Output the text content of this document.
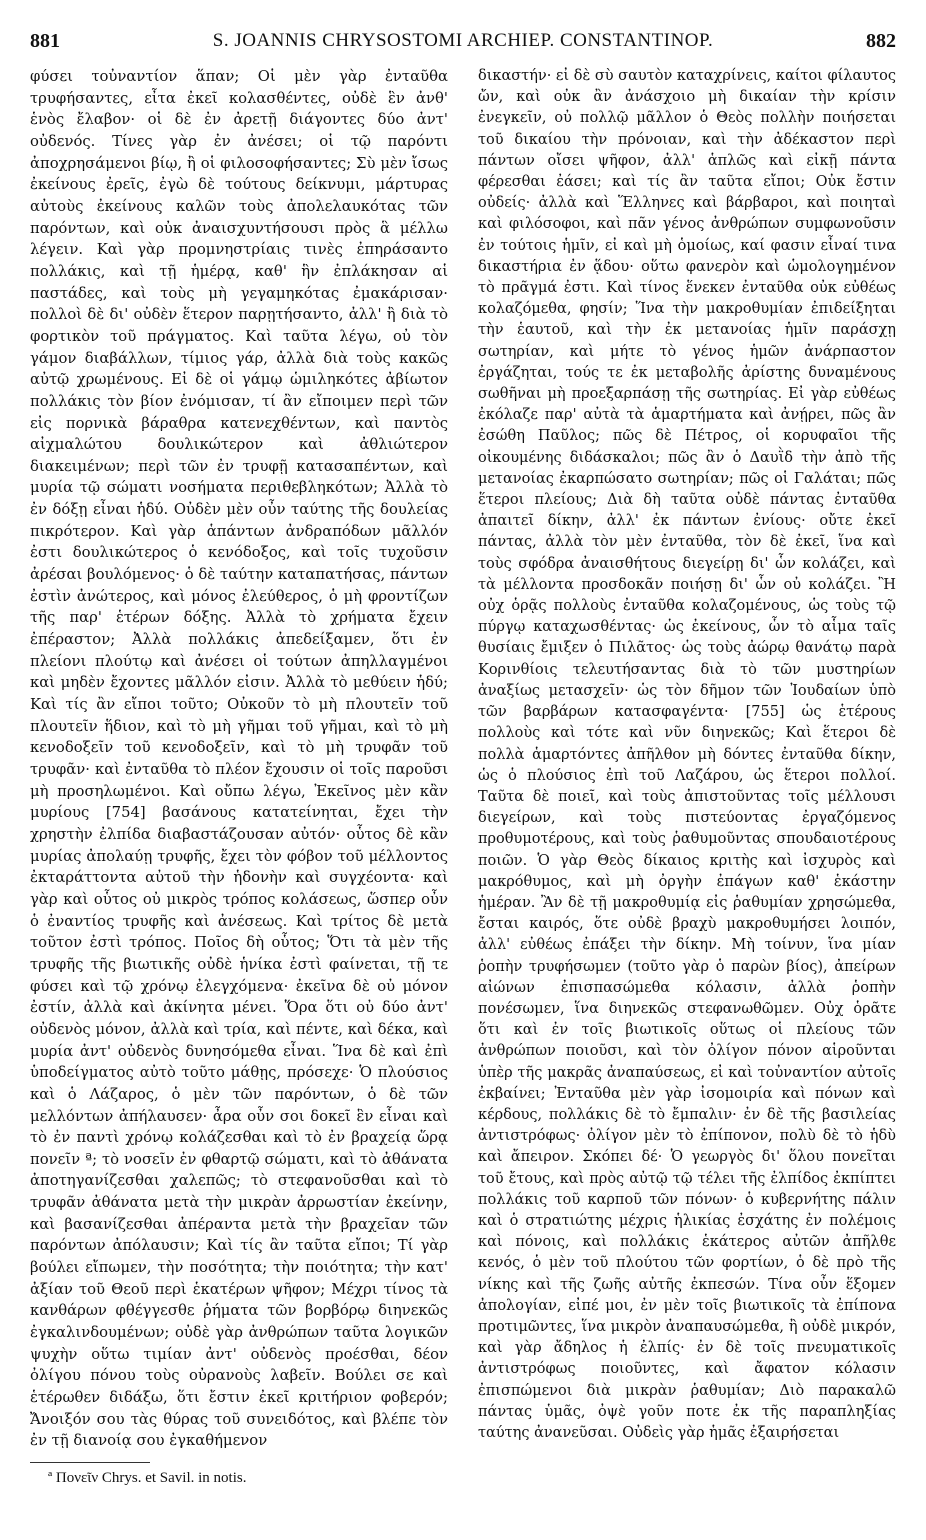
881	S. JOANNIS CHRYSOSTOMI ARCHIEP. CONSTANTINOP.	882

φύσει τοὐναντίον ἅπαν; Οἱ μὲν γὰρ ἐνταῦθα τρυφήσαντες, εἶτα ἐκεῖ κολασθέντες, οὐδὲ ἓν ἀνθ' ἑνὸς ἔλαβον· οἱ δὲ ἐν ἀρετῇ διάγοντες δύο ἀντ' οὐδενός. Τίνες γὰρ ἐν ἀνέσει; οἱ τῷ παρόντι ἀποχρησάμενοι βίῳ, ἢ οἱ φιλοσοφήσαντες; Σὺ μὲν ἴσως ἐκείνους ἐρεῖς, ἐγὼ δὲ τούτους δείκνυμι, μάρτυρας αὐτοὺς ἐκείνους καλῶν τοὺς ἀπολελαυκότας τῶν παρόντων, καὶ οὐκ ἀναισχυντήσουσι πρὸς ἃ μέλλω λέγειν. Καὶ γὰρ προμνηστρίαις τινὲς ἐπηράσαντο πολλάκις, καὶ τῇ ἡμέρᾳ, καθ' ἣν ἐπλάκησαν αἱ παστάδες, καὶ τοὺς μὴ γεγαμηκότας ἐμακάρισαν· πολλοὶ δὲ δι' οὐδὲν ἕτερον παρῃτήσαντο, ἀλλ' ἢ διὰ τὸ φορτικὸν τοῦ πράγματος. Καὶ ταῦτα λέγω, οὐ τὸν γάμον διαβάλλων, τίμιος γάρ, ἀλλὰ διὰ τοὺς κακῶς αὐτῷ χρωμένους. Εἰ δὲ οἱ γάμῳ ὡμιληκότες ἀβίωτον πολλάκις τὸν βίον ἐνόμισαν, τί ἂν εἴποιμεν περὶ τῶν εἰς πορνικὰ βάραθρα κατενεχθέντων, καὶ παντὸς αἰχμαλώτου δουλικώτερον καὶ ἀθλιώτερον διακειμένων; περὶ τῶν ἐν τρυφῇ κατασαπέντων, καὶ μυρία τῷ σώματι νοσήματα περιθεβληκότων; Ἀλλὰ τὸ ἐν δόξῃ εἶναι ἡδύ. Οὐδὲν μὲν οὖν ταύτης τῆς δουλείας πικρότερον. Καὶ γὰρ ἁπάντων ἀνδραπόδων μᾶλλόν ἐστι δουλικώτερος ὁ κενόδοξος, καὶ τοῖς τυχοῦσιν ἀρέσαι βουλόμενος· ὁ δὲ ταύτην καταπατήσας, πάντων ἐστὶν ἀνώτερος, καὶ μόνος ἐλεύθερος, ὁ μὴ φροντίζων τῆς παρ' ἑτέρων δόξης. Ἀλλὰ τὸ χρήματα ἔχειν ἐπέραστον; Ἀλλὰ πολλάκις ἀπεδείξαμεν, ὅτι ἐν πλείονι πλούτῳ καὶ ἀνέσει οἱ τούτων ἀπηλλαγμένοι καὶ μηδὲν ἔχοντες μᾶλλόν εἰσιν. Ἀλλὰ τὸ μεθύειν ἡδύ; Καὶ τίς ἂν εἴποι τοῦτο; Οὐκοῦν τὸ μὴ πλουτεῖν τοῦ πλουτεῖν ἥδιον, καὶ τὸ μὴ γῆμαι τοῦ γῆμαι, καὶ τὸ μὴ κενοδοξεῖν τοῦ κενοδοξεῖν, καὶ τὸ μὴ τρυφᾶν τοῦ τρυφᾶν· καὶ ἐνταῦθα τὸ πλέον ἔχουσιν οἱ τοῖς παροῦσι μὴ προσηλωμένοι. Καὶ οὔπω λέγω, Ἐκεῖνος μὲν κἂν μυρίους [754] βασάνους κατατείνηται, ἔχει τὴν χρηστὴν ἐλπίδα διαβαστάζουσαν αὐτόν· οὗτος δὲ κἂν μυρίας ἀπολαύῃ τρυφῆς, ἔχει τὸν φόβον τοῦ μέλλοντος ἐκταράττοντα αὐτοῦ τὴν ἡδονὴν καὶ συγχέοντα· καὶ γὰρ καὶ οὗτος οὐ μικρὸς τρόπος κολάσεως, ὥσπερ οὖν ὁ ἐναντίος τρυφῆς καὶ ἀνέσεως. Καὶ τρίτος δὲ μετὰ τοῦτον ἐστὶ τρόπος. Ποῖος δὴ οὗτος; Ὅτι τὰ μὲν τῆς τρυφῆς τῆς βιωτικῆς οὐδὲ ἡνίκα ἐστὶ φαίνεται, τῇ τε φύσει καὶ τῷ χρόνῳ ἐλεγχόμενα· ἐκεῖνα δὲ οὐ μόνον ἐστίν, ἀλλὰ καὶ ἀκίνητα μένει. Ὅρα ὅτι οὐ δύο ἀντ' οὐδενὸς μόνον, ἀλλὰ καὶ τρία, καὶ πέντε, καὶ δέκα, καὶ μυρία ἀντ' οὐδενὸς δυνησόμεθα εἶναι. Ἵνα δὲ καὶ ἐπὶ ὑποδείγματος αὐτὸ τοῦτο μάθῃς, πρόσεχε· Ὁ πλούσιος καὶ ὁ Λάζαρος, ὁ μὲν τῶν παρόντων, ὁ δὲ τῶν μελλόντων ἀπήλαυσεν· ἆρα οὖν σοι δοκεῖ ἓν εἶναι καὶ τὸ ἐν παντὶ χρόνῳ κολάζεσθαι καὶ τὸ ἐν βραχείᾳ ὥρᾳ πονεῖν ª; τὸ νοσεῖν ἐν φθαρτῷ σώματι, καὶ τὸ ἀθάνατα ἀποτηγανίζεσθαι χαλεπῶς; τὸ στεφανοῦσθαι καὶ τὸ τρυφᾶν ἀθάνατα μετὰ τὴν μικρὰν ἀρρωστίαν ἐκείνην, καὶ βασανίζεσθαι ἀπέραντα μετὰ τὴν βραχεῖαν τῶν παρόντων ἀπόλαυσιν; Καὶ τίς ἂν ταῦτα εἴποι; Τί γὰρ βούλει εἴπωμεν, τὴν ποσότητα; τὴν ποιότητα; τὴν κατ' ἀξίαν τοῦ Θεοῦ περὶ ἑκατέρων ψῆφον; Μέχρι τίνος τὰ κανθάρων φθέγγεσθε ῥήματα τῶν βορβόρῳ διηνεκῶς ἐγκαλινδουμένων; οὐδὲ γὰρ ἀνθρώπων ταῦτα λογικῶν ψυχὴν οὕτω τιμίαν ἀντ' οὐδενὸς προέσθαι, δέον ὀλίγου πόνου τοὺς οὐρανοὺς λαβεῖν. Βούλει σε καὶ ἑτέρωθεν διδάξω, ὅτι ἔστιν ἐκεῖ κριτήριον φοβερόν; Ἄνοιξόν σου τὰς θύρας τοῦ συνειδότος, καὶ βλέπε τὸν ἐν τῇ διανοίᾳ σου ἐγκαθήμενον

δικαστήν· εἰ δὲ σὺ σαυτὸν καταχρίνεις, καίτοι φίλαυτος ὤν, καὶ οὐκ ἂν ἀνάσχοιο μὴ δικαίαν τὴν κρίσιν ἐνεγκεῖν, οὐ πολλῷ μᾶλλον ὁ Θεὸς πολλὴν ποιήσεται τοῦ δικαίου τὴν πρόνοιαν, καὶ τὴν ἀδέκαστον περὶ πάντων οἴσει ψῆφον, ἀλλ' ἁπλῶς καὶ εἰκῇ πάντα φέρεσθαι ἐάσει; καὶ τίς ἂν ταῦτα εἴποι; Οὐκ ἔστιν οὐδείς· ἀλλὰ καὶ Ἕλληνες καὶ βάρβαροι, καὶ ποιηταὶ καὶ φιλόσοφοι, καὶ πᾶν γένος ἀνθρώπων συμφωνοῦσιν ἐν τούτοις ἡμῖν, εἰ καὶ μὴ ὁμοίως, καί φασιν εἶναί τινα δικαστήρια ἐν ᾅδου· οὕτω φανερὸν καὶ ὡμολογημένον τὸ πρᾶγμά ἐστι. Καὶ τίνος ἕνεκεν ἐνταῦθα οὐκ εὐθέως κολαζόμεθα, φησίν; Ἵνα τὴν μακροθυμίαν ἐπιδείξηται τὴν ἑαυτοῦ, καὶ τὴν ἐκ μετανοίας ἡμῖν παράσχῃ σωτηρίαν, καὶ μήτε τὸ γένος ἡμῶν ἀνάρπαστον ἐργάζηται, τούς τε ἐκ μεταβολῆς ἀρίστης δυναμένους σωθῆναι μὴ προεξαρπάσῃ τῆς σωτηρίας. Εἰ γὰρ εὐθέως ἐκόλαζε παρ' αὐτὰ τὰ ἁμαρτήματα καὶ ἀνῄρει, πῶς ἂν ἐσώθη Παῦλος; πῶς δὲ Πέτρος, οἱ κορυφαῖοι τῆς οἰκουμένης διδάσκαλοι; πῶς ἂν ὁ Δαυῒδ τὴν ἀπὸ τῆς μετανοίας ἐκαρπώσατο σωτηρίαν; πῶς οἱ Γαλάται; πῶς ἕτεροι πλείους; Διὰ δὴ ταῦτα οὐδὲ πάντας ἐνταῦθα ἀπαιτεῖ δίκην, ἀλλ' ἐκ πάντων ἐνίους· οὔτε ἐκεῖ πάντας, ἀλλὰ τὸν μὲν ἐνταῦθα, τὸν δὲ ἐκεῖ, ἵνα καὶ τοὺς σφόδρα ἀναισθήτους διεγείρῃ δι' ὧν κολάζει, καὶ τὰ μέλλοντα προσδοκᾶν ποιήσῃ δι' ὧν οὐ κολάζει. Ἢ οὐχ ὁρᾷς πολλοὺς ἐνταῦθα κολαζομένους, ὡς τοὺς τῷ πύργῳ καταχωσθέντας· ὡς ἐκείνους, ὧν τὸ αἷμα ταῖς θυσίαις ἔμιξεν ὁ Πιλᾶτος· ὡς τοὺς ἀώρῳ θανάτῳ παρὰ Κορινθίοις τελευτήσαντας διὰ τὸ τῶν μυστηρίων ἀναξίως μετασχεῖν· ὡς τὸν δῆμον τῶν Ἰουδαίων ὑπὸ τῶν βαρβάρων κατασφαγέντα· [755] ὡς ἑτέρους πολλοὺς καὶ τότε καὶ νῦν διηνεκῶς; Καὶ ἕτεροι δὲ πολλὰ ἁμαρτόντες ἀπῆλθον μὴ δόντες ἐνταῦθα δίκην, ὡς ὁ πλούσιος ἐπὶ τοῦ Λαζάρου, ὡς ἕτεροι πολλοί. Ταῦτα δὲ ποιεῖ, καὶ τοὺς ἀπιστοῦντας τοῖς μέλλουσι διεγείρων, καὶ τοὺς πιστεύοντας ἐργαζόμενος προθυμοτέρους, καὶ τοὺς ῥαθυμοῦντας σπουδαιοτέρους ποιῶν. Ὁ γὰρ Θεὸς δίκαιος κριτὴς καὶ ἰσχυρὸς καὶ μακρόθυμος, καὶ μὴ ὀργὴν ἐπάγων καθ' ἑκάστην ἡμέραν. Ἂν δὲ τῇ μακροθυμίᾳ εἰς ῥαθυμίαν χρησώμεθα, ἔσται καιρός, ὅτε οὐδὲ βραχὺ μακροθυμήσει λοιπόν, ἀλλ' εὐθέως ἐπάξει τὴν δίκην. Μὴ τοίνυν, ἵνα μίαν ῥοπὴν τρυφήσωμεν (τοῦτο γὰρ ὁ παρὼν βίος), ἀπείρων αἰώνων ἐπισπασώμεθα κόλασιν, ἀλλὰ ῥοπὴν πονέσωμεν, ἵνα διηνεκῶς στεφανωθῶμεν. Οὐχ ὁρᾶτε ὅτι καὶ ἐν τοῖς βιωτικοῖς οὕτως οἱ πλείους τῶν ἀνθρώπων ποιοῦσι, καὶ τὸν ὀλίγον πόνον αἱροῦνται ὑπὲρ τῆς μακρᾶς ἀναπαύσεως, εἰ καὶ τοὐναντίον αὐτοῖς ἐκβαίνει; Ἐνταῦθα μὲν γὰρ ἰσομοιρία καὶ πόνων καὶ κέρδους, πολλάκις δὲ τὸ ἔμπαλιν· ἐν δὲ τῆς βασιλείας ἀντιστρόφως· ὀλίγον μὲν τὸ ἐπίπονον, πολὺ δὲ τὸ ἡδὺ καὶ ἄπειρον. Σκόπει δέ· Ὁ γεωργὸς δι' ὅλου πονεῖται τοῦ ἔτους, καὶ πρὸς αὐτῷ τῷ τέλει τῆς ἐλπίδος ἐκπίπτει πολλάκις τοῦ καρποῦ τῶν πόνων· ὁ κυβερνήτης πάλιν καὶ ὁ στρατιώτης μέχρις ἡλικίας ἐσχάτης ἐν πολέμοις καὶ πόνοις, καὶ πολλάκις ἑκάτερος αὐτῶν ἀπῆλθε κενός, ὁ μὲν τοῦ πλούτου τῶν φορτίων, ὁ δὲ πρὸ τῆς νίκης καὶ τῆς ζωῆς αὐτῆς ἐκπεσών. Τίνα οὖν ἕξομεν ἀπολογίαν, εἰπέ μοι, ἐν μὲν τοῖς βιωτικοῖς τὰ ἐπίπονα προτιμῶντες, ἵνα μικρὸν ἀναπαυσώμεθα, ἢ οὐδὲ μικρόν, καὶ γὰρ ἄδηλος ἡ ἐλπίς· ἐν δὲ τοῖς πνευματικοῖς ἀντιστρόφως ποιοῦντες, καὶ ἄφατον κόλασιν ἐπισπώμενοι διὰ μικρὰν ῥαθυμίαν; Διὸ παρακαλῶ πάντας ὑμᾶς, ὀψὲ γοῦν ποτε ἐκ τῆς παραπληξίας ταύτης ἀνανεῦσαι. Οὐδεὶς γὰρ ἡμᾶς ἐξαιρήσεται

ª Πονεῖν Chrys. et Savil. in notis.
